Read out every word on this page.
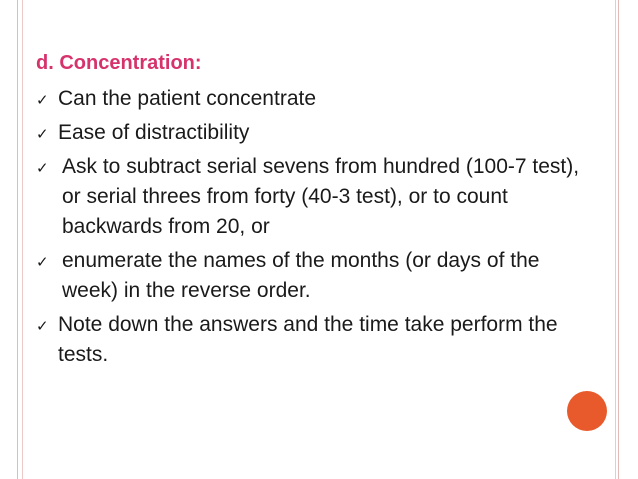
d. Concentration:
✓ Can the patient concentrate
✓ Ease of distractibility
✓ Ask to subtract serial sevens from hundred (100-7 test), or serial threes from forty (40-3 test), or to count backwards from 20, or
✓ enumerate the names of the months (or days of the week) in the reverse order.
✓ Note down the answers and the time take perform the tests.
